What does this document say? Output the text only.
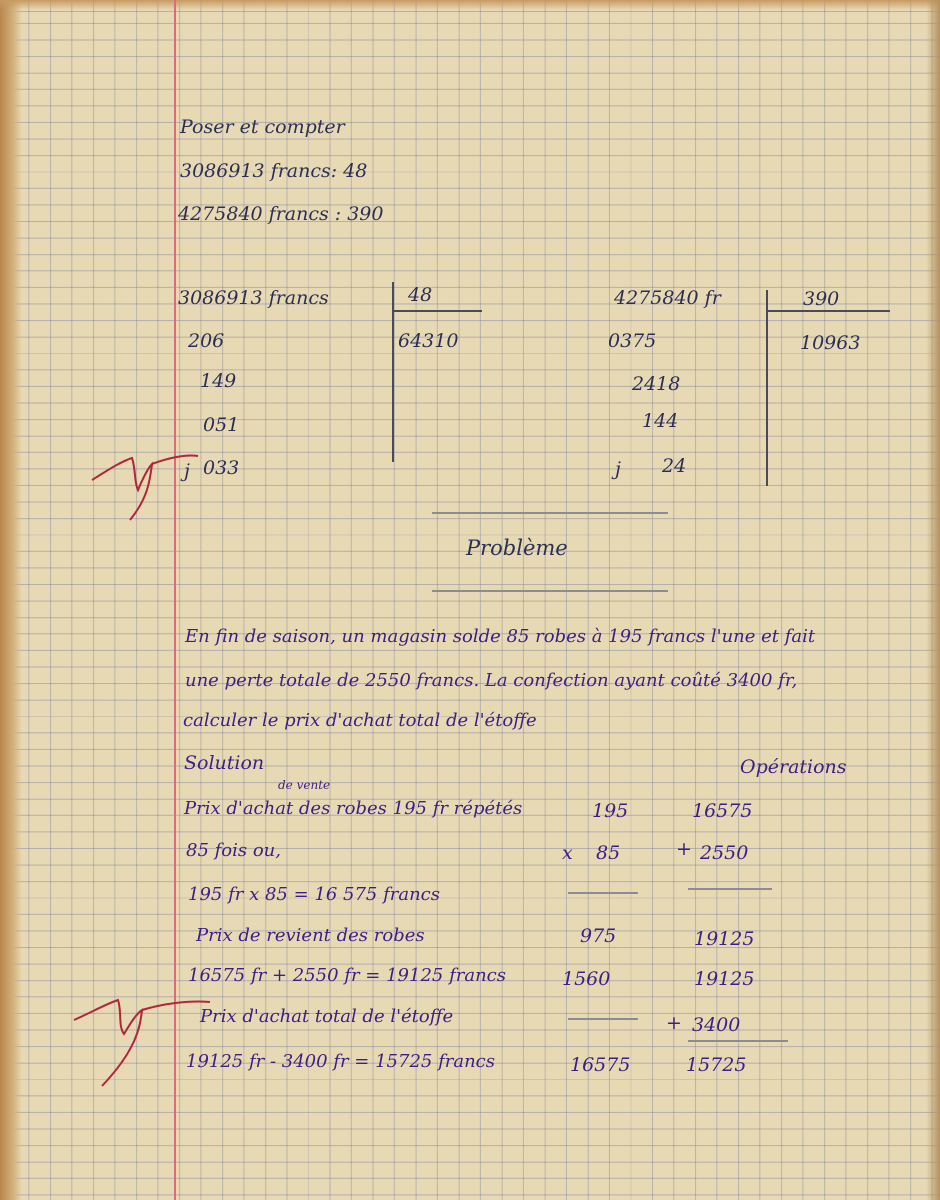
Poser et compter
3086913 francs: 48
4275840 francs : 390
3086913 francs	48
64310
206
149
051
j 033
4275840 fr	390
10963
0375
2418
144
j 24
Problème
En fin de saison, un magasin solde 85 robes à 195 francs l'une et fait
une perte totale de 2550 francs. La confection ayant coûté 3400 fr,
calculer le prix d'achat total de l'étoffe
Solution	Opérations
de vente
Prix d'achat des robes 195 fr répétés
85 fois ou,
195 fr x 85 = 16 575 francs
Prix de revient des robes
16575 fr + 2550 fr = 19125 francs
Prix d'achat total de l'étoffe
19125 fr - 3400 fr = 15725 francs
195
x 85
975
1560
16575
16575
+ 2550
19125
19125
+ 3400
15725
